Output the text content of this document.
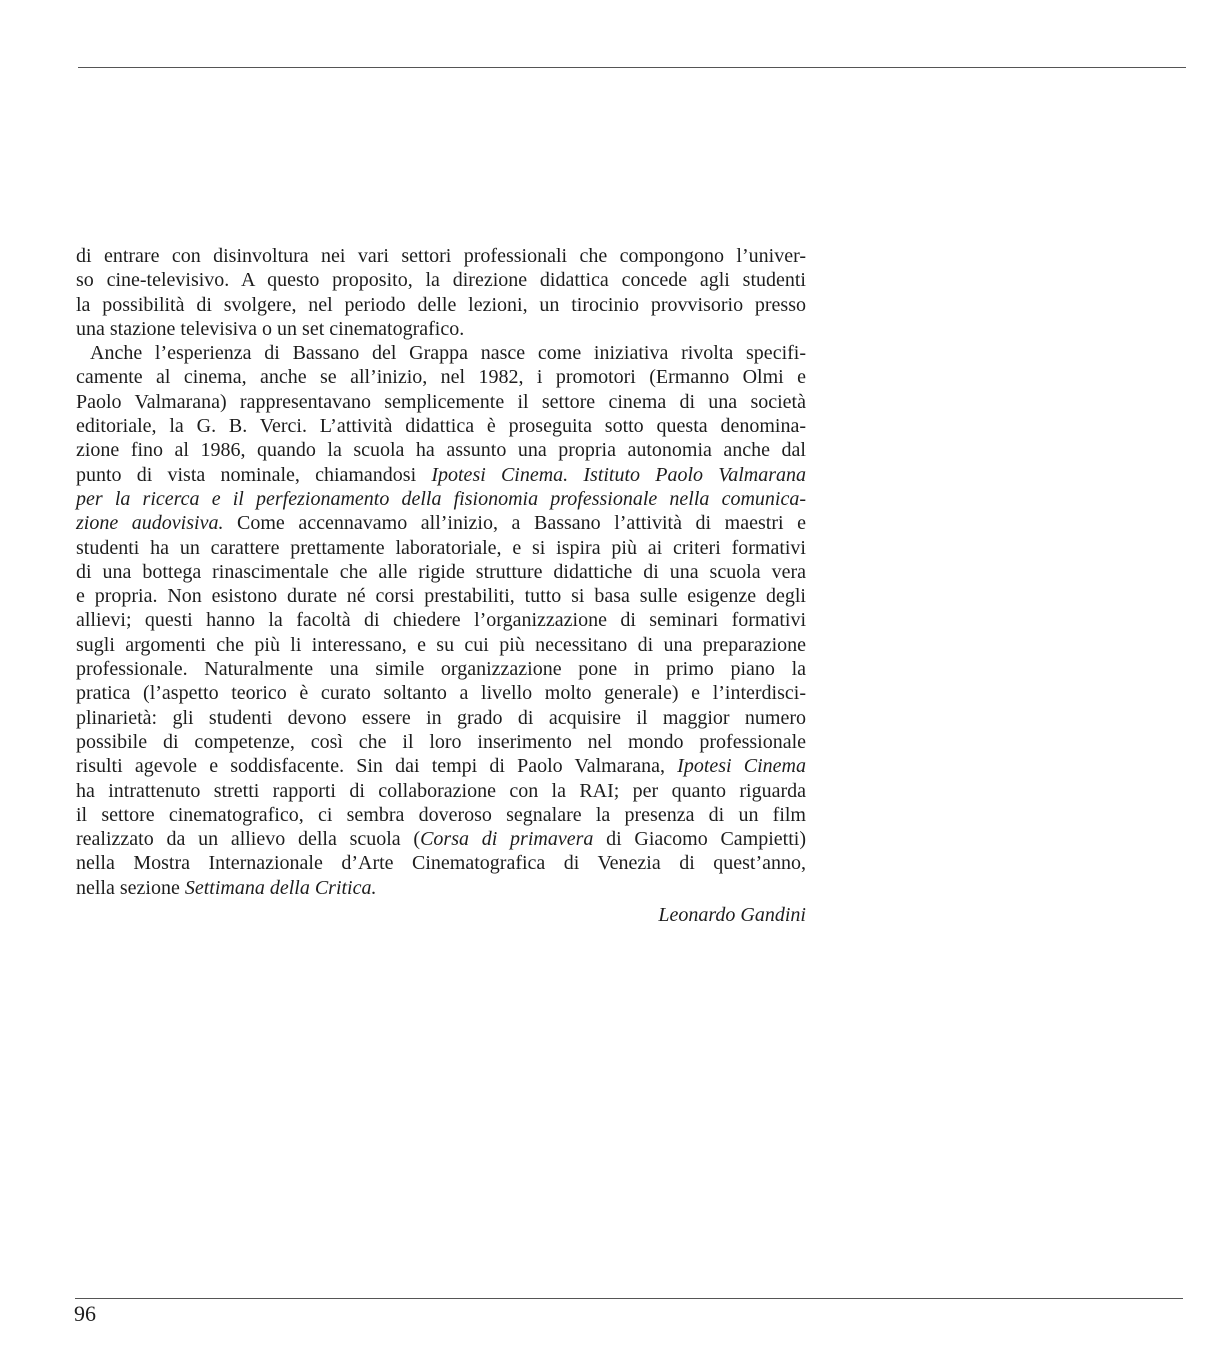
di entrare con disinvoltura nei vari settori professionali che compongono l’univer-
so cine-televisivo. A questo proposito, la direzione didattica concede agli studenti
la possibilità di svolgere, nel periodo delle lezioni, un tirocinio provvisorio presso
una stazione televisiva o un set cinematografico.
Anche l’esperienza di Bassano del Grappa nasce come iniziativa rivolta specifi-
camente al cinema, anche se all’inizio, nel 1982, i promotori (Ermanno Olmi e
Paolo Valmarana) rappresentavano semplicemente il settore cinema di una società
editoriale, la G. B. Verci. L’attività didattica è proseguita sotto questa denomina-
zione fino al 1986, quando la scuola ha assunto una propria autonomia anche dal
punto di vista nominale, chiamandosi Ipotesi Cinema. Istituto Paolo Valmarana
per la ricerca e il perfezionamento della fisionomia professionale nella comunica-
zione audovisiva. Come accennavamo all’inizio, a Bassano l’attività di maestri e
studenti ha un carattere prettamente laboratoriale, e si ispira più ai criteri formativi
di una bottega rinascimentale che alle rigide strutture didattiche di una scuola vera
e propria. Non esistono durate né corsi prestabiliti, tutto si basa sulle esigenze degli
allievi; questi hanno la facoltà di chiedere l’organizzazione di seminari formativi
sugli argomenti che più li interessano, e su cui più necessitano di una preparazione
professionale. Naturalmente una simile organizzazione pone in primo piano la
pratica (l’aspetto teorico è curato soltanto a livello molto generale) e l’interdisci-
plinarietà: gli studenti devono essere in grado di acquisire il maggior numero
possibile di competenze, così che il loro inserimento nel mondo professionale
risulti agevole e soddisfacente. Sin dai tempi di Paolo Valmarana, Ipotesi Cinema
ha intrattenuto stretti rapporti di collaborazione con la RAI; per quanto riguarda
il settore cinematografico, ci sembra doveroso segnalare la presenza di un film
realizzato da un allievo della scuola (Corsa di primavera di Giacomo Campietti)
nella Mostra Internazionale d’Arte Cinematografica di Venezia di quest’anno,
nella sezione Settimana della Critica.
Leonardo Gandini
96
